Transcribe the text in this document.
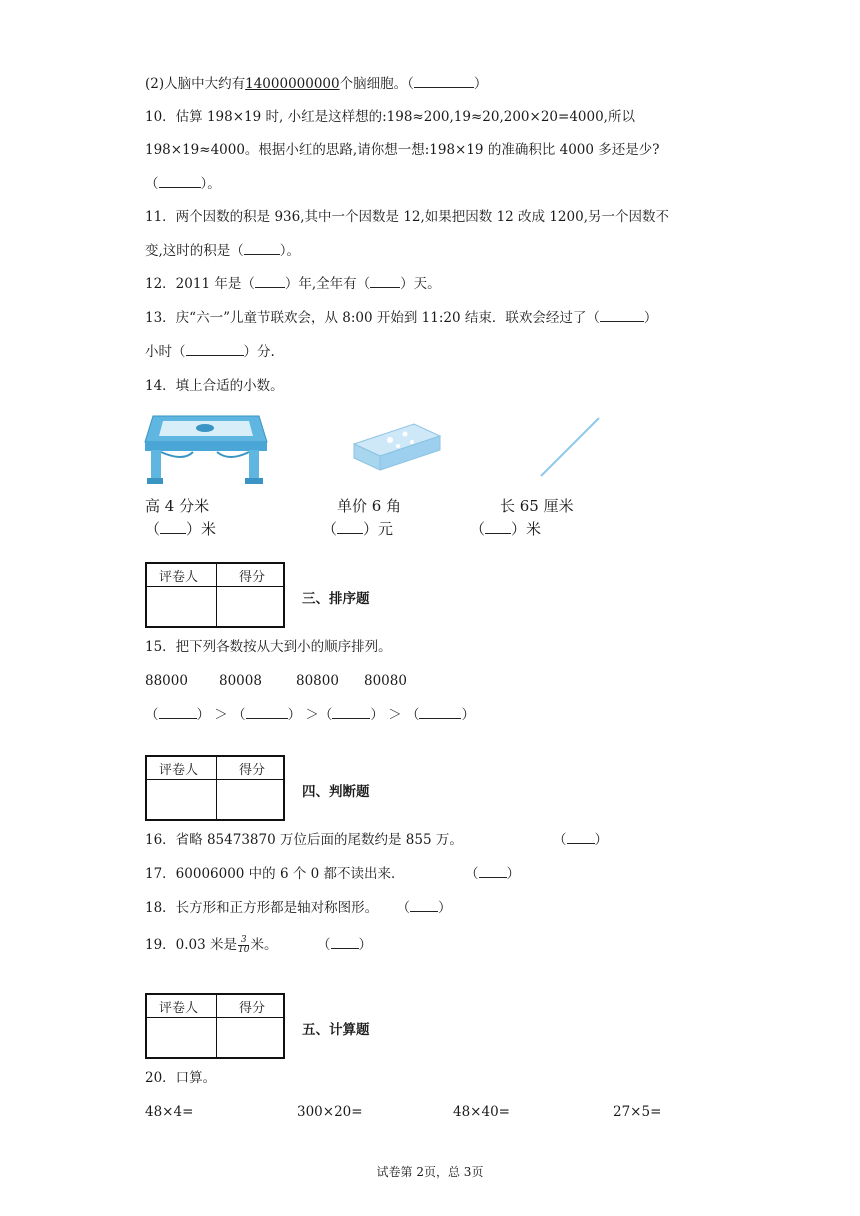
(2)人脑中大约有14000000000个脑细胞。（	）
10．估算 198×19 时, 小红是这样想的:198≈200,19≈20,200×20=4000,所以
198×19≈4000。根据小红的思路,请你想一想:198×19 的准确积比 4000 多还是少?
（	）。
11．两个因数的积是 936,其中一个因数是 12,如果把因数 12 改成 1200,另一个因数不
变,这时的积是（	）。
12．2011 年是（ ）年,全年有（ ）天。
13．庆“六一”儿童节联欢会，从 8:00 开始到 11:20 结束．联欢会经过了（	）
小时（	）分.
14．填上合适的小数。
高 4 分米
（ ）米
单价 6 角
（ ）元
长 65 厘米
（ ）米
评卷人	得分
三、排序题
15．把下列各数按从大到小的顺序排列。
88000 80008	80800 80080
（	） ＞ （	） ＞（	） ＞ （	）
评卷人	得分
四、判断题
16．省略 85473870 万位后面的尾数约是 855 万。	（ ）
17．60006000 中的 6 个 0 都不读出来．	（ ）
18．长方形和正方形都是轴对称图形。 （ ）
19．0.03 米是 $\frac{3}{10}$ 米。	（ ）
评卷人	得分
五、计算题
20．口算。
48×4=	300×20=	48×40=	27×5=
试卷第 2页，总 3页
